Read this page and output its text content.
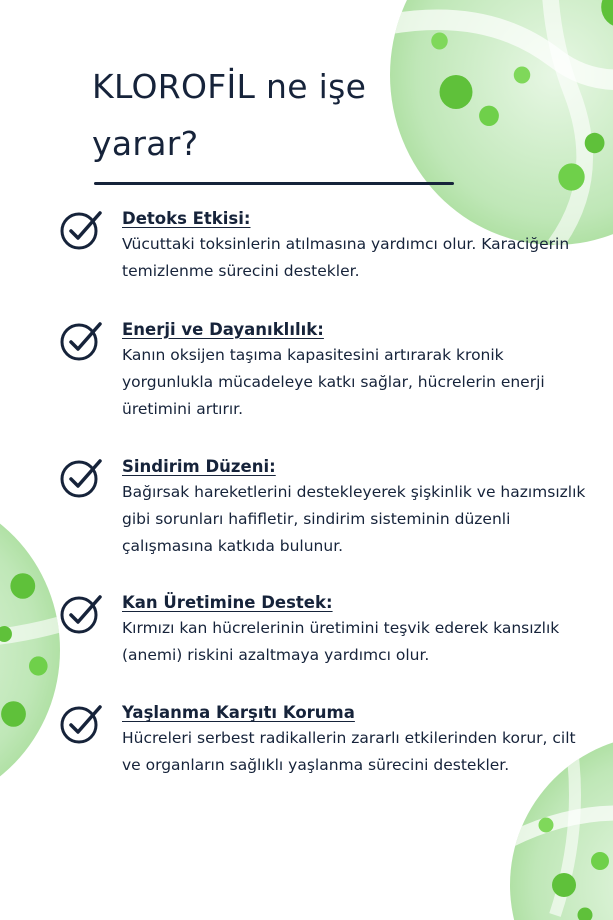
KLOROFİL ne işe yarar?
Detoks Etkisi:
Vücuttaki toksinlerin atılmasına yardımcı olur. Karaciğerin temizlenme sürecini destekler.
Enerji ve Dayanıklılık:
Kanın oksijen taşıma kapasitesini artırarak kronik yorgunlukla mücadeleye katkı sağlar, hücrelerin enerji üretimini artırır.
Sindirim Düzeni:
Bağırsak hareketlerini destekleyerek şişkinlik ve hazımsızlık gibi sorunları hafifletir, sindirim sisteminin düzenli çalışmasına katkıda bulunur.
Kan Üretimine Destek:
Kırmızı kan hücrelerinin üretimini teşvik ederek kansızlık (anemi) riskini azaltmaya yardımcı olur.
Yaşlanma Karşıtı Koruma
Hücreleri serbest radikallerin zararlı etkilerinden korur, cilt ve organların sağlıklı yaşlanma sürecini destekler.
